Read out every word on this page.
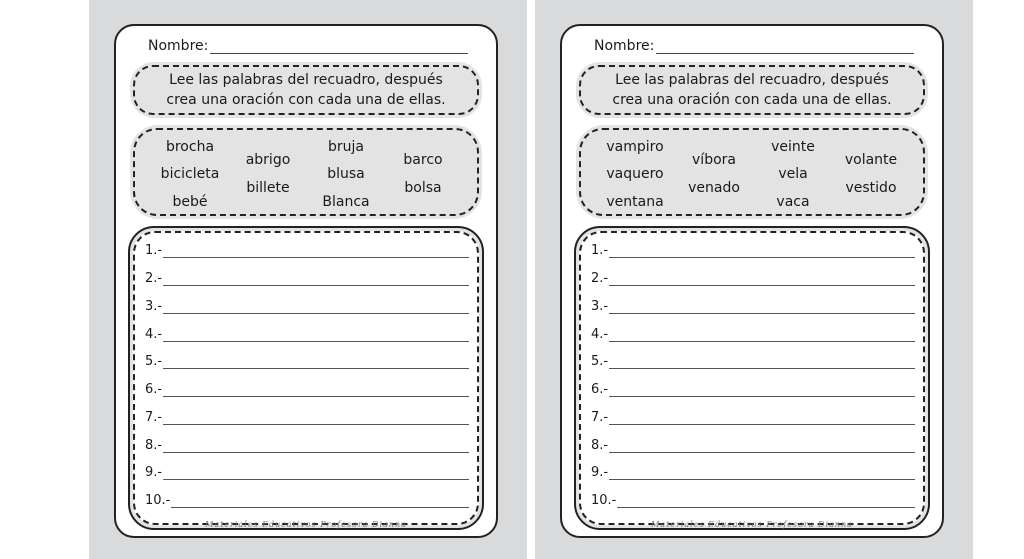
Nombre:
Lee las palabras del recuadro, después
crea una oración con cada una de ellas.
brocha
bicicleta
bebé
abrigo
billete
bruja
blusa
Blanca
barco
bolsa
1.-
2.-
3.-
4.-
5.-
6.-
7.-
8.-
9.-
10.-
Materiales Educativos Profesora Dianna
Nombre:
Lee las palabras del recuadro, después
crea una oración con cada una de ellas.
vampiro
vaquero
ventana
víbora
venado
veinte
vela
vaca
volante
vestido
1.-
2.-
3.-
4.-
5.-
6.-
7.-
8.-
9.-
10.-
Materiales Educativos Profesora Dianna
